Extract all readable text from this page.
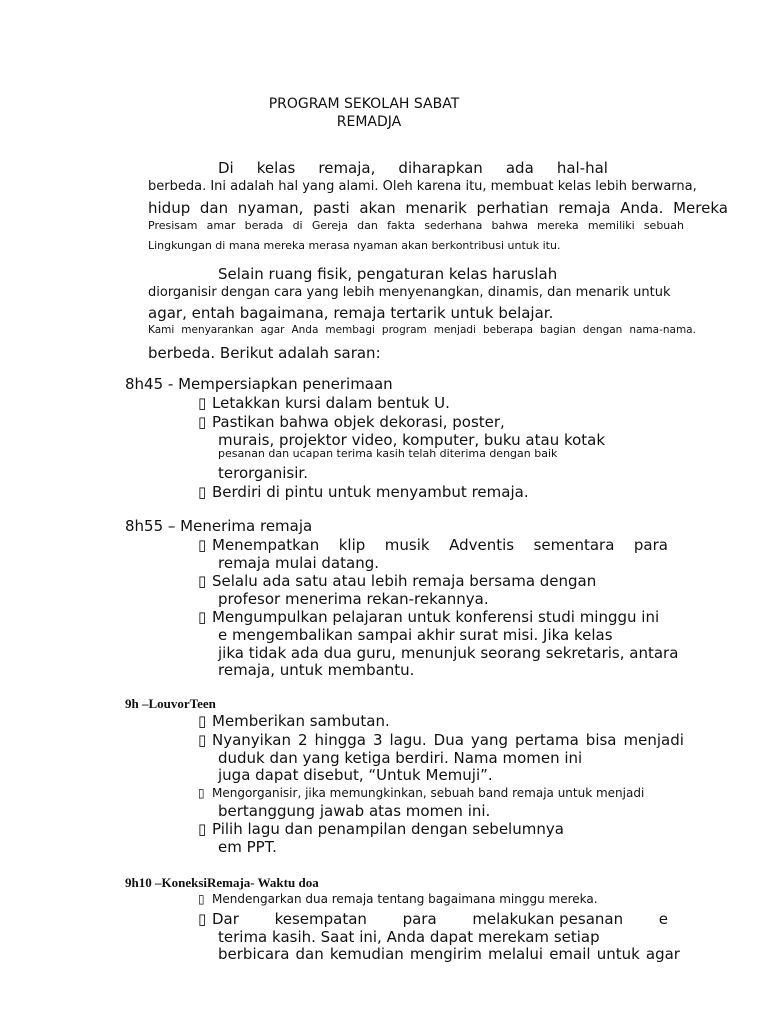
PROGRAM SEKOLAH SABAT
REMADJA
Di kelas remaja, diharapkan ada hal-hal
berbeda. Ini adalah hal yang alami. Oleh karena itu, membuat kelas lebih berwarna,
hidup dan nyaman, pasti akan menarik perhatian remaja Anda. Mereka
Presisam amar berada di Gereja dan fakta sederhana bahwa mereka memiliki sebuah
Lingkungan di mana mereka merasa nyaman akan berkontribusi untuk itu.
Selain ruang fisik, pengaturan kelas haruslah
diorganisir dengan cara yang lebih menyenangkan, dinamis, dan menarik untuk
agar, entah bagaimana, remaja tertarik untuk belajar.
Kami menyarankan agar Anda membagi program menjadi beberapa bagian dengan nama-nama.
berbeda. Berikut adalah saran:
8h45 - Mempersiapkan penerimaan
▯ Letakkan kursi dalam bentuk U.
▯ Pastikan bahwa objek dekorasi, poster,
murais, projektor video, komputer, buku atau kotak
pesanan dan ucapan terima kasih telah diterima dengan baik
terorganisir.
▯ Berdiri di pintu untuk menyambut remaja.
8h55 – Menerima remaja
▯ Menempatkan klip musik Adventis sementara para
remaja mulai datang.
▯ Selalu ada satu atau lebih remaja bersama dengan
profesor menerima rekan-rekannya.
▯ Mengumpulkan pelajaran untuk konferensi studi minggu ini
e mengembalikan sampai akhir surat misi. Jika kelas
jika tidak ada dua guru, menunjuk seorang sekretaris, antara
remaja, untuk membantu.
9h –LouvorTeen
▯ Memberikan sambutan.
▯ Nyanyikan 2 hingga 3 lagu. Dua yang pertama bisa menjadi
duduk dan yang ketiga berdiri. Nama momen ini
juga dapat disebut, “Untuk Memuji”.
▯ Mengorganisir, jika memungkinkan, sebuah band remaja untuk menjadi
bertanggung jawab atas momen ini.
▯ Pilih lagu dan penampilan dengan sebelumnya
em PPT.
9h10 –KoneksiRemaja- Waktu doa
▯ Mendengarkan dua remaja tentang bagaimana minggu mereka.
▯ Dar kesempatan para melakukan pesanan e
terima kasih. Saat ini, Anda dapat merekam setiap
berbicara dan kemudian mengirim melalui email untuk agar
